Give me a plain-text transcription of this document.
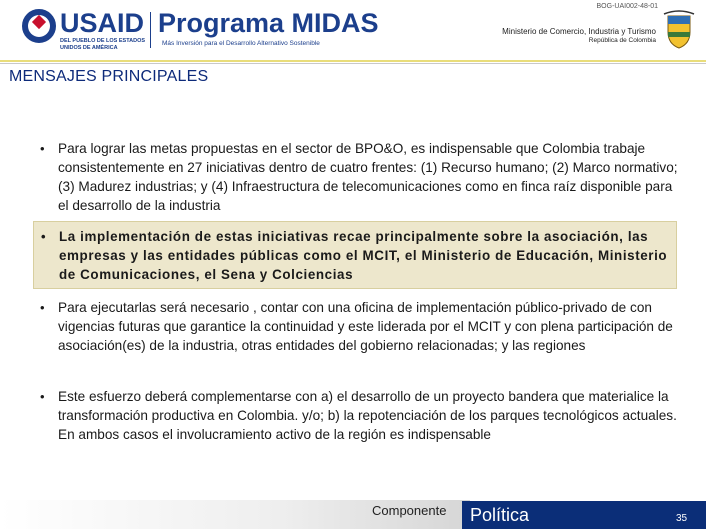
USAID
DEL PUEBLO DE LOS ESTADOS
UNIDOS DE AMÉRICA
Programa MIDAS
Más Inversión para el Desarrollo Alternativo Sostenible
BOG-UAI002-48-01
Ministerio de Comercio, Industria y Turismo
República de Colombia
MENSAJES PRINCIPALES
• Para lograr las metas propuestas en el sector de BPO&O, es indispensable que Colombia trabaje consistentemente en 27 iniciativas dentro de cuatro frentes: (1) Recurso humano; (2) Marco normativo; (3) Madurez industrias; y (4) Infraestructura de telecomunicaciones como en finca raíz disponible para el desarrollo de la industria
• La implementación de estas iniciativas recae principalmente sobre la asociación, las empresas y las entidades públicas como el MCIT, el Ministerio de Educación, Ministerio de Comunicaciones, el Sena y Colciencias
• Para ejecutarlas será necesario , contar con una oficina de implementación público-privado de con vigencias futuras que garantice la continuidad y este liderada por el MCIT y con plena participación de asociación(es) de la industria, otras entidades del gobierno relacionadas; y las regiones
• Este esfuerzo deberá complementarse con a) el desarrollo de un proyecto bandera que materialice la transformación productiva en Colombia. y/o; b) la repotenciación de los parques tecnológicos actuales. En ambos casos el involucramiento activo de la región es indispensable
Componente Política	35
